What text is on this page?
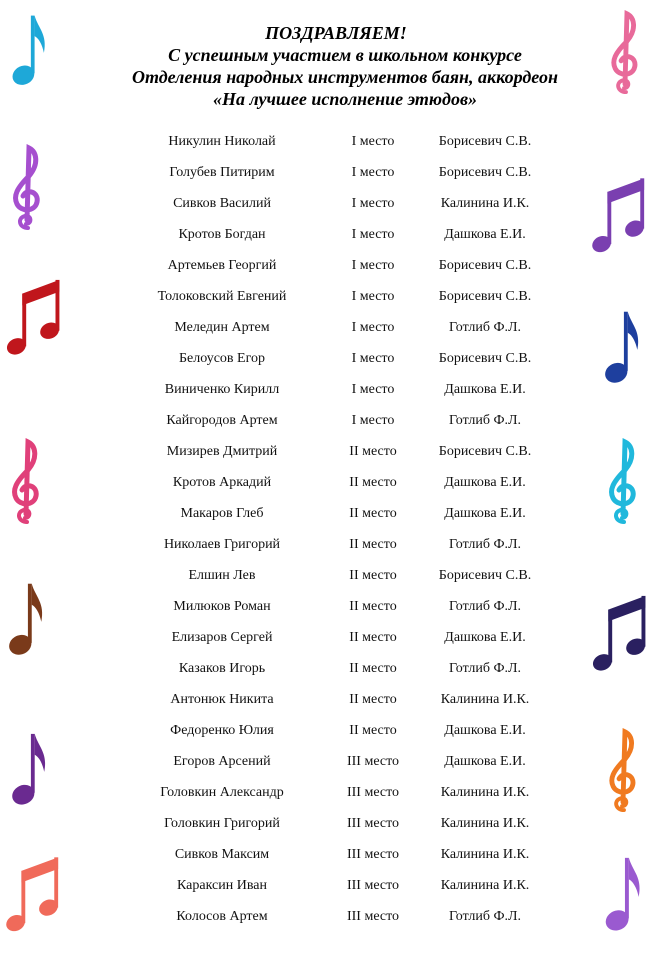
ПОЗДРАВЛЯЕМ!
С успешным участием в школьном конкурсе
Отделения народных инструментов баян, аккордеон
«На лучшее исполнение этюдов»
Никулин Николай	I место	Борисевич С.В.
Голубев Питирим	I место	Борисевич С.В.
Сивков Василий	I место	Калинина И.К.
Кротов Богдан	I место	Дашкова Е.И.
Артемьев Георгий	I место	Борисевич С.В.
Толоковский Евгений	I место	Борисевич С.В.
Меледин Артем	I место	Готлиб Ф.Л.
Белоусов Егор	I место	Борисевич С.В.
Виниченко Кирилл	I место	Дашкова Е.И.
Кайгородов Артем	I место	Готлиб Ф.Л.
Мизирев Дмитрий	II место	Борисевич С.В.
Кротов Аркадий	II место	Дашкова Е.И.
Макаров Глеб	II место	Дашкова Е.И.
Николаев Григорий	II место	Готлиб Ф.Л.
Елшин Лев	II место	Борисевич С.В.
Милюков Роман	II место	Готлиб Ф.Л.
Елизаров Сергей	II место	Дашкова Е.И.
Казаков Игорь	II место	Готлиб Ф.Л.
Антонюк Никита	II место	Калинина И.К.
Федоренко Юлия	II место	Дашкова Е.И.
Егоров Арсений	III место	Дашкова Е.И.
Головкин Александр	III место	Калинина И.К.
Головкин Григорий	III место	Калинина И.К.
Сивков Максим	III место	Калинина И.К.
Караксин Иван	III место	Калинина И.К.
Колосов Артем	III место	Готлиб Ф.Л.
